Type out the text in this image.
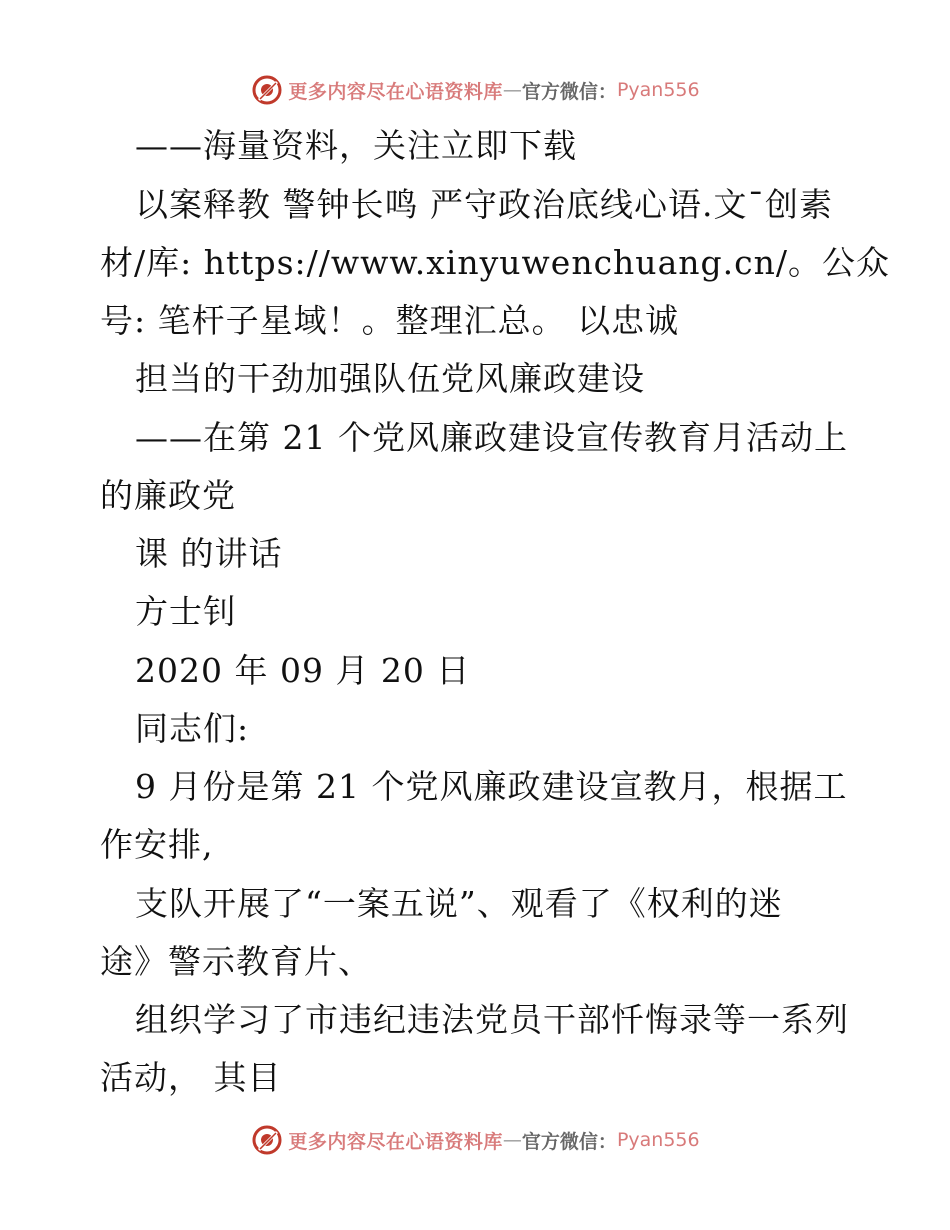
更多内容尽在心语资料库 — 官方微信： Pyan556
——海量资料，关注立即下载
以案释教 警钟长鸣 严守政治底线心语.文¯创素
材/库: https://www.xinyuwenchuang.cn/。公众
号: 笔杆子星域！。整理汇总。 以忠诚
担当的干劲加强队伍党风廉政建设
——在第 21 个党风廉政建设宣传教育月活动上
的廉政党
课 的讲话
方士钊
2020 年 09 月 20 日
同志们:
9 月份是第 21 个党风廉政建设宣教月，根据工
作安排,
支队开展了“一案五说”、观看了《权利的迷
途》警示教育片、
组织学习了市违纪违法党员干部忏悔录等一系列
活动， 其目
更多内容尽在心语资料库 — 官方微信： Pyan556
